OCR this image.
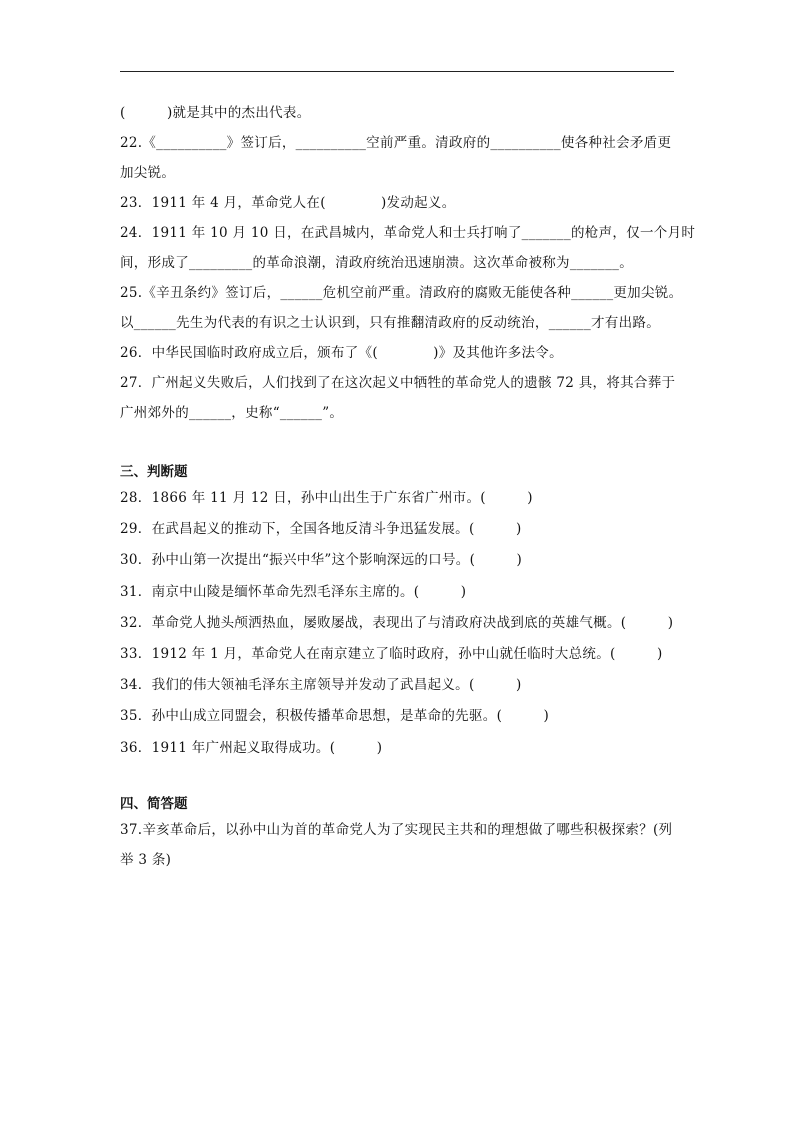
(　　　)就是其中的杰出代表。
22.《__________》签订后，__________空前严重。清政府的__________使各种社会矛盾更
加尖锐。
23．1911 年 4 月，革命党人在(　　　　)发动起义。
24．1911 年 10 月 10 日，在武昌城内，革命党人和士兵打响了_______的枪声，仅一个月时
间，形成了_________的革命浪潮，清政府统治迅速崩溃。这次革命被称为_______。
25.《辛丑条约》签订后，______危机空前严重。清政府的腐败无能使各种______更加尖锐。
以______先生为代表的有识之士认识到，只有推翻清政府的反动统治，______才有出路。
26．中华民国临时政府成立后，颁布了《(　　　　)》及其他许多法令。
27．广州起义失败后，人们找到了在这次起义中牺牲的革命党人的遗骸 72 具，将其合葬于
广州郊外的______，史称“______”。
三、判断题
28．1866 年 11 月 12 日，孙中山出生于广东省广州市。(　　　)
29．在武昌起义的推动下，全国各地反清斗争迅猛发展。(　　　)
30．孙中山第一次提出“振兴中华”这个影响深远的口号。(　　　)
31．南京中山陵是缅怀革命先烈毛泽东主席的。(　　　)
32．革命党人抛头颅洒热血，屡败屡战，表现出了与清政府决战到底的英雄气概。(　　　)
33．1912 年 1 月，革命党人在南京建立了临时政府，孙中山就任临时大总统。(　　　)
34．我们的伟大领袖毛泽东主席领导并发动了武昌起义。(　　　)
35．孙中山成立同盟会，积极传播革命思想，是革命的先驱。(　　　)
36．1911 年广州起义取得成功。(　　　)
四、简答题
37.辛亥革命后，以孙中山为首的革命党人为了实现民主共和的理想做了哪些积极探索？(列
举 3 条)
